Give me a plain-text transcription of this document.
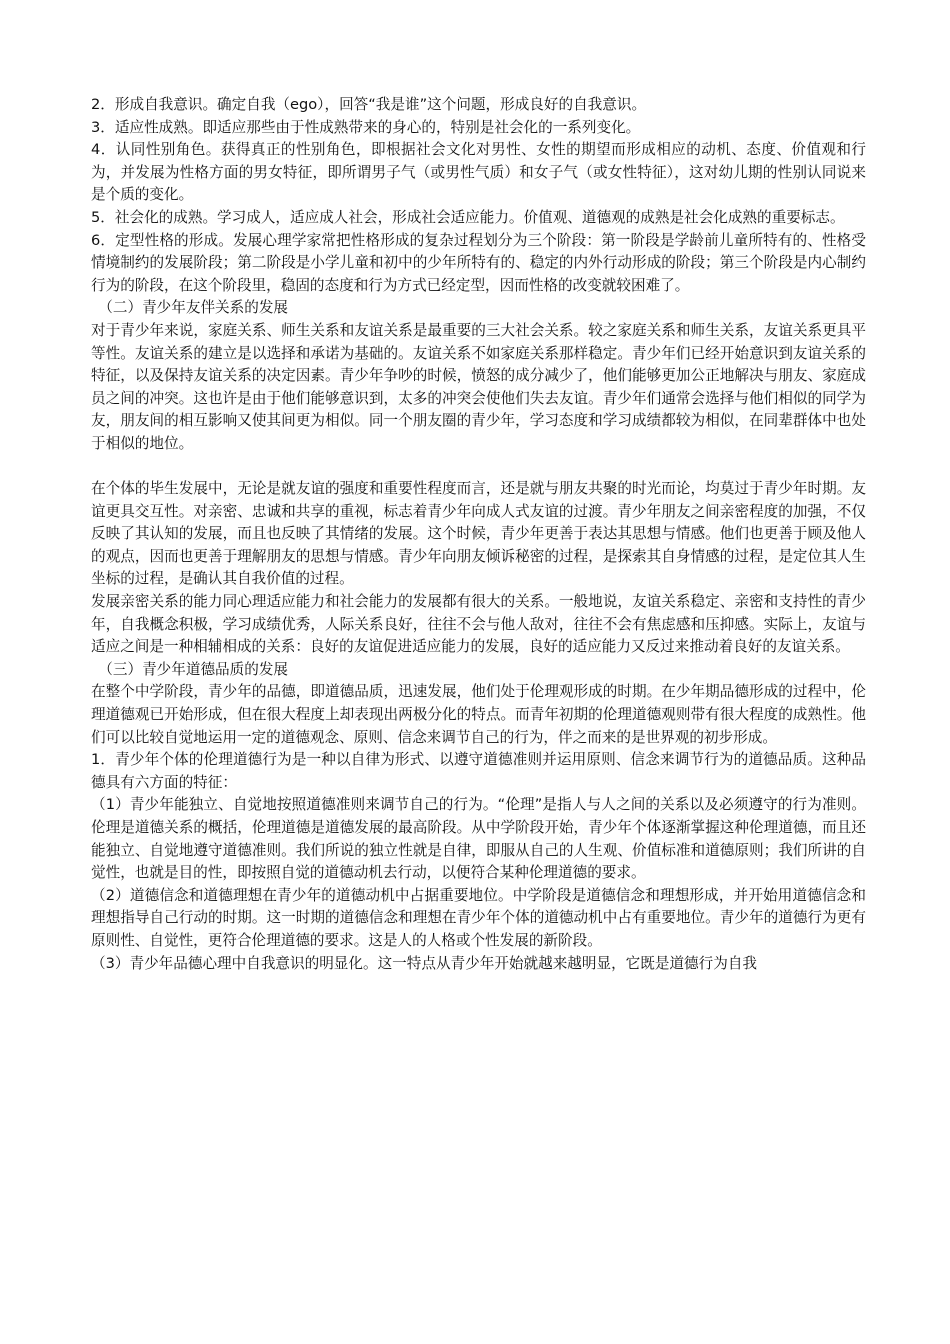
2．形成自我意识。确定自我（ego），回答“我是谁”这个问题，形成良好的自我意识。

3．适应性成熟。即适应那些由于性成熟带来的身心的，特别是社会化的一系列变化。

4．认同性别角色。获得真正的性别角色，即根据社会文化对男性、女性的期望而形成相应的动机、态度、价值观和行为，并发展为性格方面的男女特征，即所谓男子气（或男性气质）和女子气（或女性特征），这对幼儿期的性别认同说来是个质的变化。

5．社会化的成熟。学习成人，适应成人社会，形成社会适应能力。价值观、道德观的成熟是社会化成熟的重要标志。

6．定型性格的形成。发展心理学家常把性格形成的复杂过程划分为三个阶段：第一阶段是学龄前儿童所特有的、性格受情境制约的发展阶段；第二阶段是小学儿童和初中的少年所特有的、稳定的内外行动形成的阶段；第三个阶段是内心制约行为的阶段，在这个阶段里，稳固的态度和行为方式已经定型，因而性格的改变就较困难了。

（二）青少年友伴关系的发展

对于青少年来说，家庭关系、师生关系和友谊关系是最重要的三大社会关系。较之家庭关系和师生关系，友谊关系更具平等性。友谊关系的建立是以选择和承诺为基础的。友谊关系不如家庭关系那样稳定。青少年们已经开始意识到友谊关系的特征，以及保持友谊关系的决定因素。青少年争吵的时候，愤怒的成分减少了，他们能够更加公正地解决与朋友、家庭成员之间的冲突。这也许是由于他们能够意识到，太多的冲突会使他们失去友谊。青少年们通常会选择与他们相似的同学为友，朋友间的相互影响又使其间更为相似。同一个朋友圈的青少年，学习态度和学习成绩都较为相似，在同辈群体中也处于相似的地位。

在个体的毕生发展中，无论是就友谊的强度和重要性程度而言，还是就与朋友共聚的时光而论，均莫过于青少年时期。友谊更具交互性。对亲密、忠诚和共享的重视，标志着青少年向成人式友谊的过渡。青少年朋友之间亲密程度的加强，不仅反映了其认知的发展，而且也反映了其情绪的发展。这个时候，青少年更善于表达其思想与情感。他们也更善于顾及他人的观点，因而也更善于理解朋友的思想与情感。青少年向朋友倾诉秘密的过程，是探索其自身情感的过程，是定位其人生坐标的过程，是确认其自我价值的过程。

发展亲密关系的能力同心理适应能力和社会能力的发展都有很大的关系。一般地说，友谊关系稳定、亲密和支持性的青少年，自我概念积极，学习成绩优秀，人际关系良好，往往不会与他人敌对，往往不会有焦虑感和压抑感。实际上，友谊与适应之间是一种相辅相成的关系：良好的友谊促进适应能力的发展，良好的适应能力又反过来推动着良好的友谊关系。

（三）青少年道德品质的发展

在整个中学阶段，青少年的品德，即道德品质，迅速发展，他们处于伦理观形成的时期。在少年期品德形成的过程中，伦理道德观已开始形成，但在很大程度上却表现出两极分化的特点。而青年初期的伦理道德观则带有很大程度的成熟性。他们可以比较自觉地运用一定的道德观念、原则、信念来调节自己的行为，伴之而来的是世界观的初步形成。

1．青少年个体的伦理道德行为是一种以自律为形式、以遵守道德准则并运用原则、信念来调节行为的道德品质。这种品德具有六方面的特征：

（1）青少年能独立、自觉地按照道德准则来调节自己的行为。“伦理”是指人与人之间的关系以及必须遵守的行为准则。伦理是道德关系的概括，伦理道德是道德发展的最高阶段。从中学阶段开始，青少年个体逐渐掌握这种伦理道德，而且还能独立、自觉地遵守道德准则。我们所说的独立性就是自律，即服从自己的人生观、价值标准和道德原则；我们所讲的自觉性，也就是目的性，即按照自觉的道德动机去行动，以便符合某种伦理道德的要求。

（2）道德信念和道德理想在青少年的道德动机中占据重要地位。中学阶段是道德信念和理想形成，并开始用道德信念和理想指导自己行动的时期。这一时期的道德信念和理想在青少年个体的道德动机中占有重要地位。青少年的道德行为更有原则性、自觉性，更符合伦理道德的要求。这是人的人格或个性发展的新阶段。

（3）青少年品德心理中自我意识的明显化。这一特点从青少年开始就越来越明显，它既是道德行为自我
